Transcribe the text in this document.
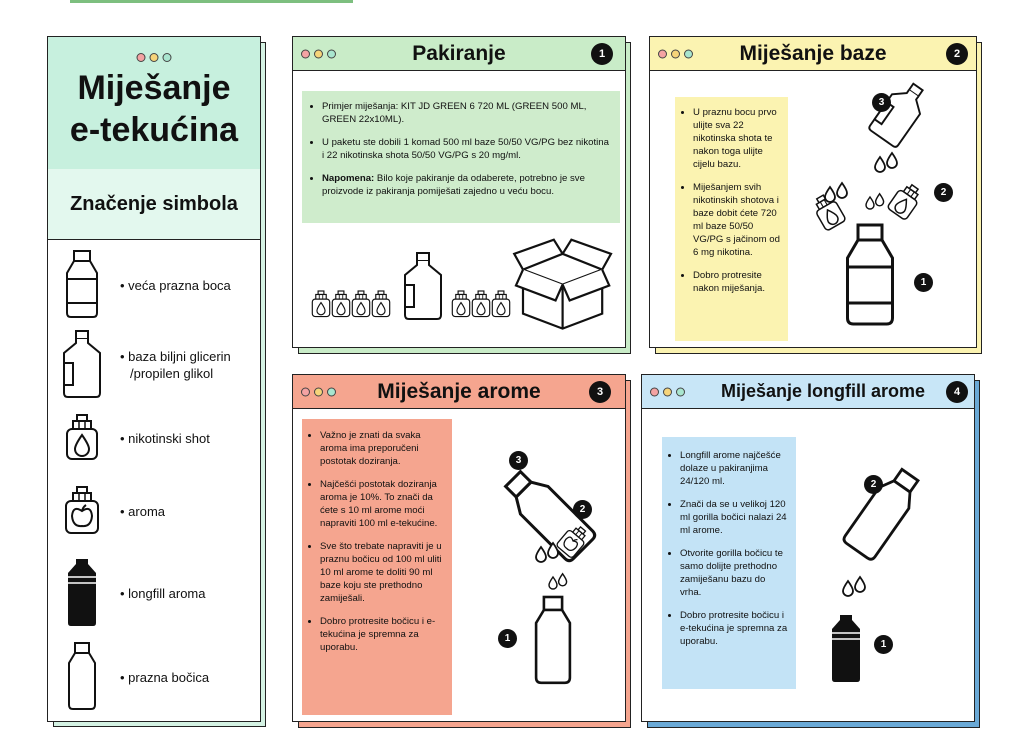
Miješanje
e-tekućina
Značenje simbola
• veća prazna boca
• baza biljni glicerin
/propilen glikol
• nikotinski shot
• aroma
• longfill aroma
• prazna bočica
Pakiranje	1
• Primjer miješanja: KIT JD GREEN 6 720 ML (GREEN 500 ML, GREEN 22x10ML).
• U paketu ste dobili 1 komad 500 ml baze 50/50 VG/PG bez nikotina i 22 nikotinska shota 50/50 VG/PG s 20 mg/ml.
• Napomena: Bilo koje pakiranje da odaberete, potrebno je sve proizvode iz pakiranja pomiješati zajedno u veću bocu.
Miješanje baze	2
• U praznu bocu prvo ulijte sva 22 nikotinska shota te nakon toga ulijte cijelu bazu.
• Miješanjem svih nikotinskih shotova i baze dobit ćete 720 ml baze 50/50 VG/PG s jačinom od 6 mg nikotina.
• Dobro protresite nakon miješanja.
3
2
1
Miješanje arome	3
• Važno je znati da svaka aroma ima preporučeni postotak doziranja.
• Najčešći postotak doziranja aroma je 10%. To znači da ćete s 10 ml arome moći napraviti 100 ml e-tekućine.
• Sve što trebate napraviti je u praznu bočicu od 100 ml uliti 10 ml arome te doliti 90 ml baze koju ste prethodno zamiješali.
• Dobro protresite bočicu i e-tekućina je spremna za uporabu.
3
2
1
Miješanje longfill arome	4
• Longfill arome najčešće dolaze u pakiranjima 24/120 ml.
• Znači da se u velikoj 120 ml gorilla bočici nalazi 24 ml arome.
• Otvorite gorilla bočicu te samo dolijte prethodno zamiješanu bazu do vrha.
• Dobro protresite bočicu i e-tekućina je spremna za uporabu.
2
1
